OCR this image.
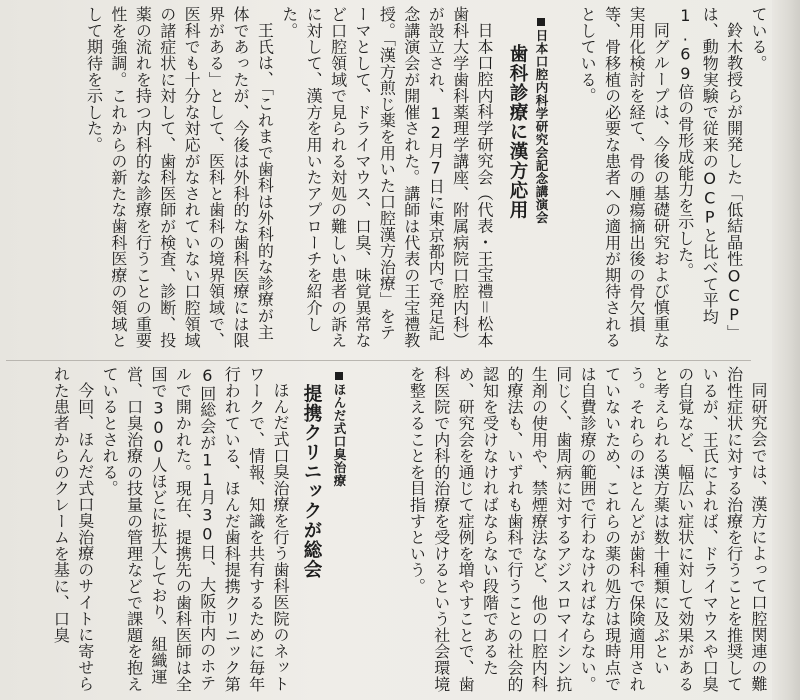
ている。

鈴木教授らが開発した「低結晶性OCP」は、動物実験で従来のOCPと比べて平均1.69倍の骨形成能力を示した。

同グループは、今後の基礎研究および慎重な実用化検討を経て、骨の腫瘍摘出後の骨欠損等、骨移植の必要な患者への適用が期待されるとしている。

日本口腔内科学研究会記念講演会
歯科診療に漢方応用

日本口腔内科学研究会（代表・王宝禮＝松本歯科大学歯科薬理学講座、附属病院口腔内科）が設立され、12月7日に東京都内で発足記念講演会が開催された。講師は代表の王宝禮教授。「漢方煎じ薬を用いた口腔漢方治療」をテーマとして、ドライマウス、口臭、味覚異常など口腔領域で見られる対処の難しい患者の訴えに対して、漢方を用いたアプローチを紹介した。

王氏は、「これまで歯科は外科的な診療が主体であったが、今後は外科的な歯科医療には限界がある」として、医科と歯科の境界領域で、医科でも十分な対応がなされていない口腔領域の諸症状に対して、歯科医師が検査、診断、投薬の流れを持つ内科的な診療を行うことの重要性を強調。これからの新たな歯科医療の領域として期待を示した。

同研究会では、漢方によって口腔関連の難治性症状に対する治療を行うことを推奨しているが、王氏によれば、ドライマウスや口臭の自覚など、幅広い症状に対して効果があると考えられる漢方薬は数十種類に及ぶという。それらのほとんどが歯科で保険適用されていないため、これらの薬の処方は現時点では自費診療の範囲で行わなければならない。同じく、歯周病に対するアジスロマイシン抗生剤の使用や、禁煙療法など、他の口腔内科的療法も、いずれも歯科で行うことの社会的認知を受けなければならない段階であるため、研究会を通じて症例を増やすことで、歯科医院で内科的治療を受けるという社会環境を整えることを目指すという。

ほんだ式口臭治療
提携クリニックが総会

ほんだ式口臭治療を行う歯科医院のネットワークで、情報、知識を共有するために毎年行われている、ほんだ歯科提携クリニック第6回総会が11月30日、大阪市内のホテルで開かれた。現在、提携先の歯科医師は全国で300人ほどに拡大しており、組織運営、口臭治療の技量の管理などで課題を抱えているとされる。

今回、ほんだ式口臭治療のサイトに寄せられた患者からのクレームを基に、口臭
